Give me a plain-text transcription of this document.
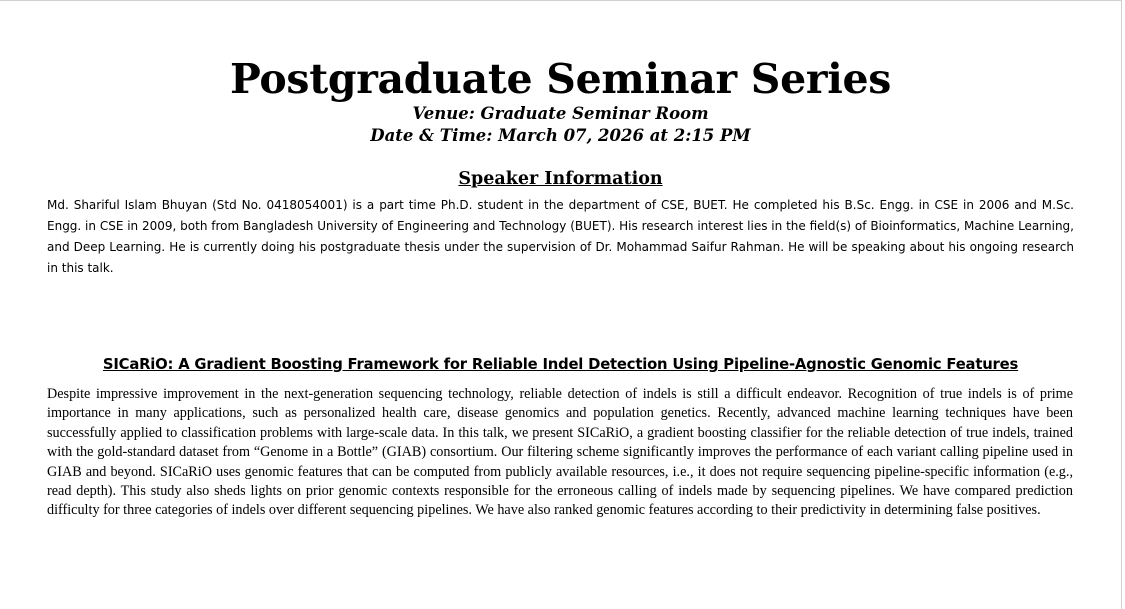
Postgraduate Seminar Series
Venue: Graduate Seminar Room
Date & Time: March 07, 2026 at 2:15 PM
Speaker Information

Md. Shariful Islam Bhuyan (Std No. 0418054001) is a part time Ph.D. student in the department of CSE, BUET. He completed his B.Sc. Engg. in CSE in 2006 and M.Sc. Engg. in CSE in 2009, both from Bangladesh University of Engineering and Technology (BUET). His research interest lies in the field(s) of Bioinformatics, Machine Learning, and Deep Learning. He is currently doing his postgraduate thesis under the supervision of Dr. Mohammad Saifur Rahman. He will be speaking about his ongoing research in this talk.

SICaRiO: A Gradient Boosting Framework for Reliable Indel Detection Using Pipeline-Agnostic Genomic Features

Despite impressive improvement in the next-generation sequencing technology, reliable detection of indels is still a difficult endeavor. Recognition of true indels is of prime importance in many applications, such as personalized health care, disease genomics and population genetics. Recently, advanced machine learning techniques have been successfully applied to classification problems with large-scale data. In this talk, we present SICaRiO, a gradient boosting classifier for the reliable detection of true indels, trained with the gold-standard dataset from “Genome in a Bottle” (GIAB) consortium. Our filtering scheme significantly improves the performance of each variant calling pipeline used in GIAB and beyond. SICaRiO uses genomic features that can be computed from publicly available resources, i.e., it does not require sequencing pipeline-specific information (e.g., read depth). This study also sheds lights on prior genomic contexts responsible for the erroneous calling of indels made by sequencing pipelines. We have compared prediction difficulty for three categories of indels over different sequencing pipelines. We have also ranked genomic features according to their predictivity in determining false positives.
